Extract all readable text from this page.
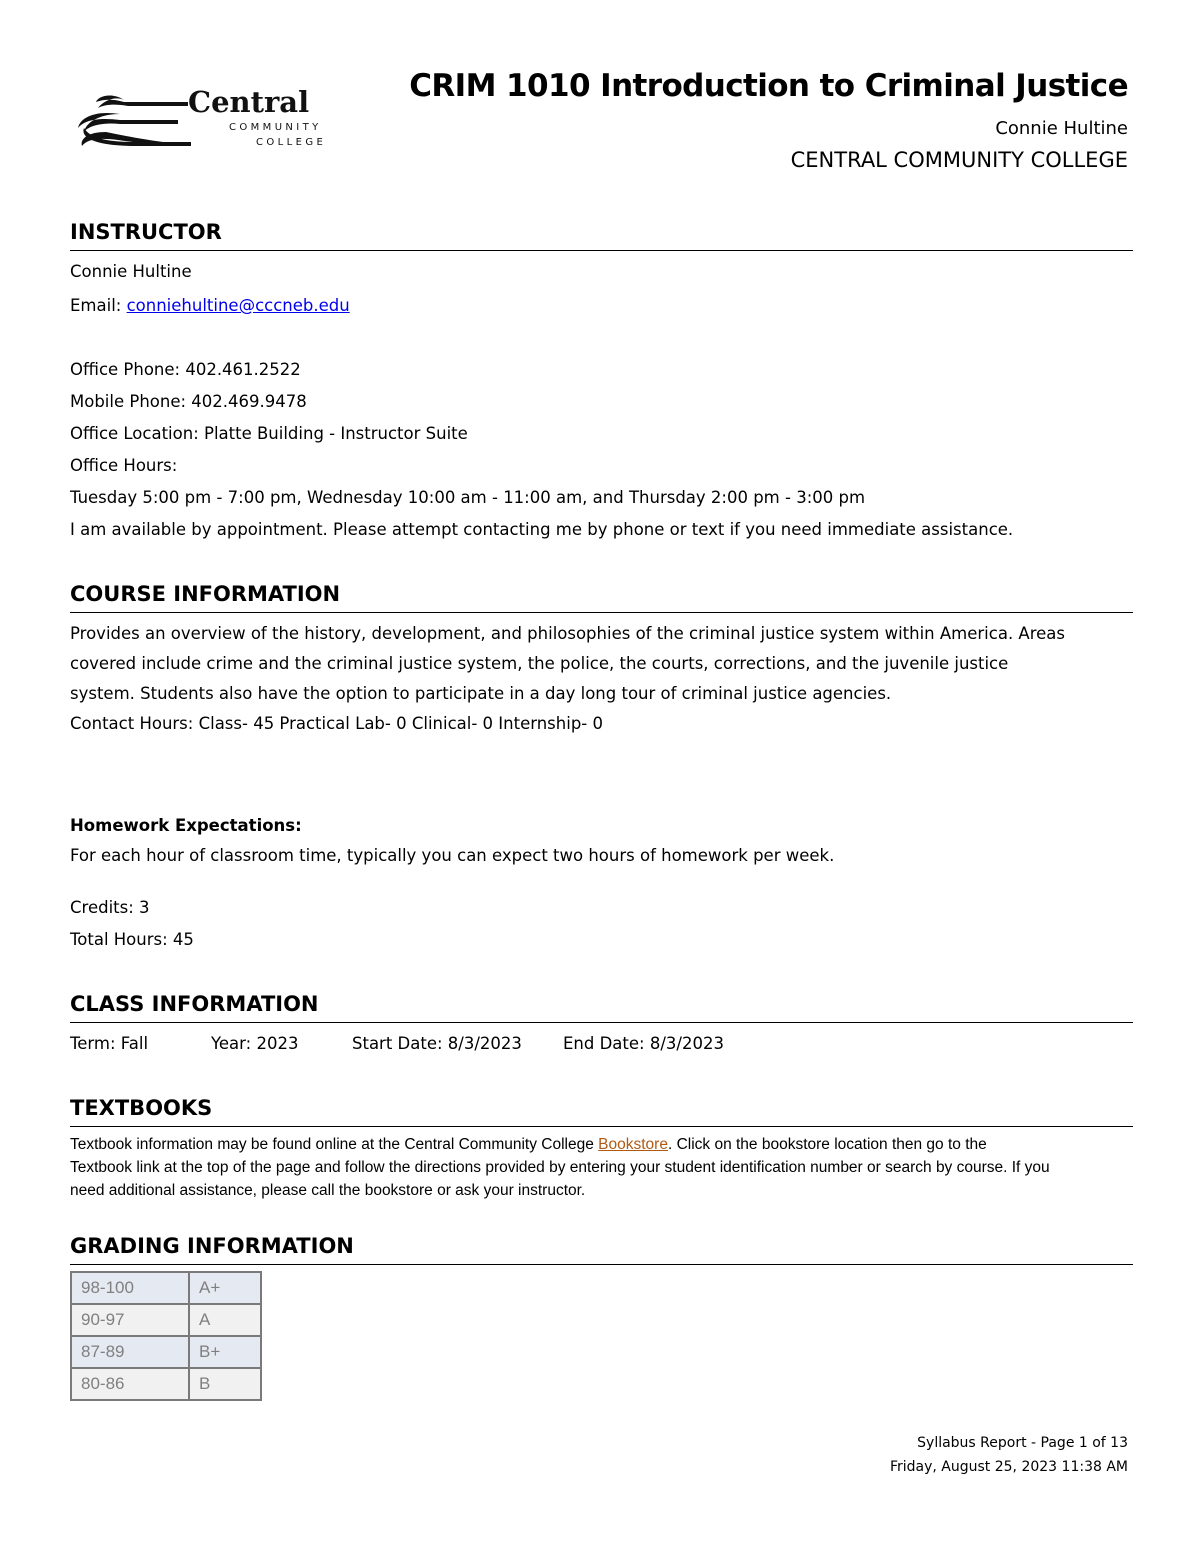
Central
COMMUNITY
COLLEGE
CRIM 1010 Introduction to Criminal Justice
Connie Hultine
CENTRAL COMMUNITY COLLEGE
INSTRUCTOR
Connie Hultine
Email: conniehultine@cccneb.edu
Office Phone: 402.461.2522
Mobile Phone: 402.469.9478
Office Location: Platte Building - Instructor Suite
Office Hours:
Tuesday 5:00 pm - 7:00 pm, Wednesday 10:00 am - 11:00 am, and Thursday 2:00 pm - 3:00 pm
I am available by appointment. Please attempt contacting me by phone or text if you need immediate assistance.
COURSE INFORMATION
Provides an overview of the history, development, and philosophies of the criminal justice system within America. Areas
covered include crime and the criminal justice system, the police, the courts, corrections, and the juvenile justice
system. Students also have the option to participate in a day long tour of criminal justice agencies.
Contact Hours: Class- 45 Practical Lab- 0 Clinical- 0 Internship- 0
Homework Expectations:
For each hour of classroom time, typically you can expect two hours of homework per week.
Credits: 3
Total Hours: 45
CLASS INFORMATION
Term: Fall	Year: 2023	Start Date: 8/3/2023	End Date: 8/3/2023
TEXTBOOKS
Textbook information may be found online at the Central Community College Bookstore. Click on the bookstore location then go to the
Textbook link at the top of the page and follow the directions provided by entering your student identification number or search by course. If you
need additional assistance, please call the bookstore or ask your instructor.
GRADING INFORMATION
98-100	A+
90-97	A
87-89	B+
80-86	B
Syllabus Report - Page 1 of 13
Friday, August 25, 2023 11:38 AM
